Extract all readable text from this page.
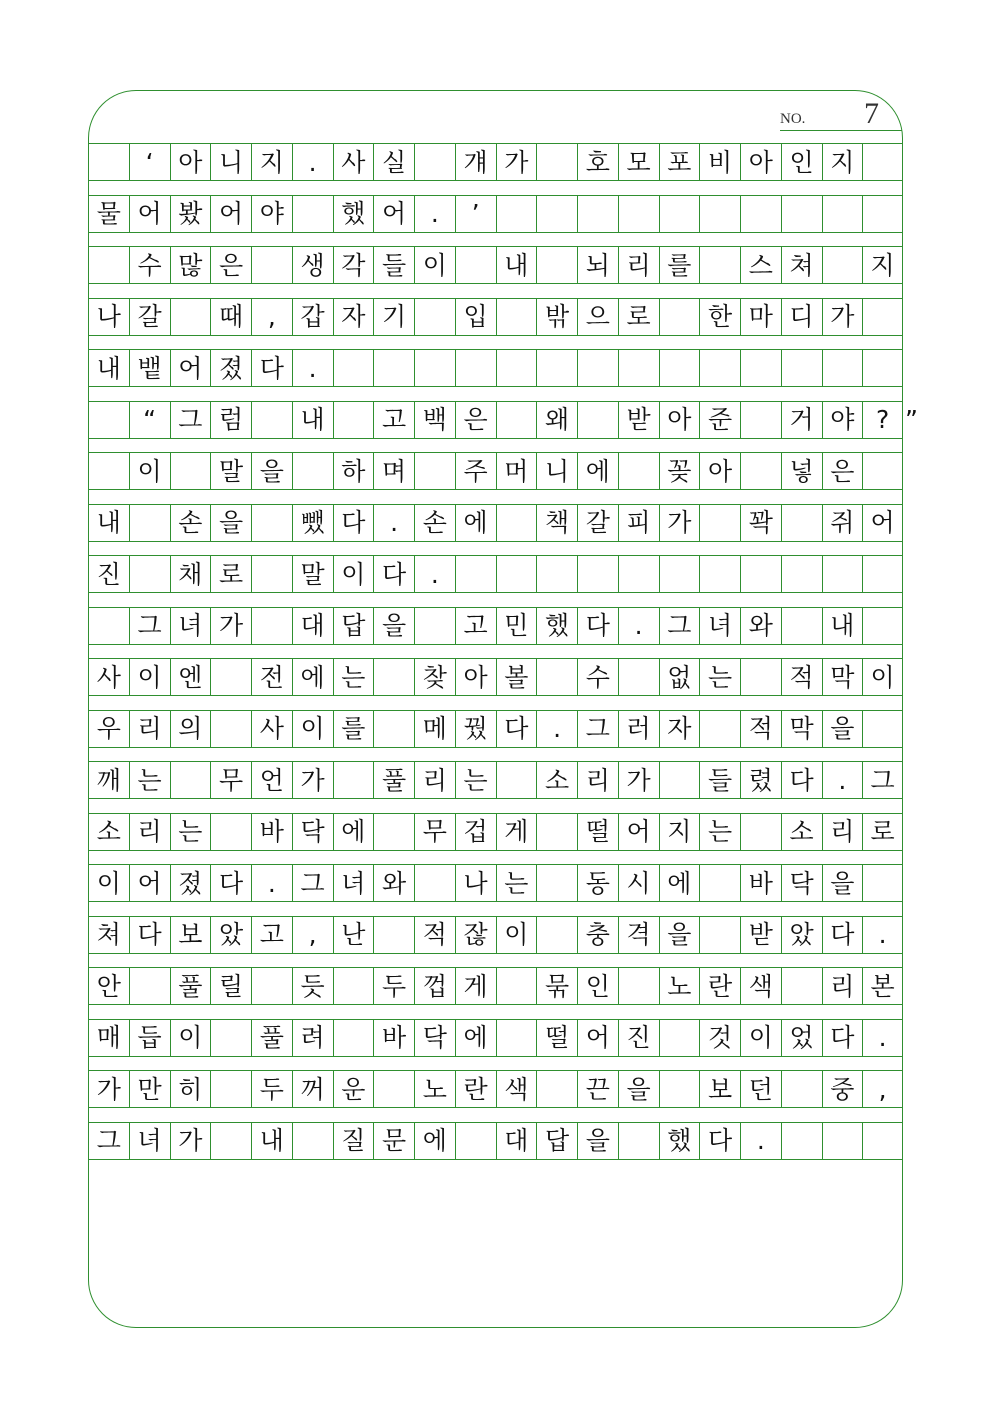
NO. 7
‘ 아 니 지 . 사 실	걔 가	호 모 포 비 아 인 지
물 어 봤 어 야	했 어 .	’
수 많 은	생 각 들 이	내	뇌 리 를	스 쳐	지
나 갈	때 , 갑 자 기	입	밖 으 로	한 마 디 가
내 뱉 어 졌 다 .
“ 그 럼	내	고 백 은	왜	받 아 준	거 야 ? ”
이	말 을	하 며	주 머 니 에	꽂 아	넣 은
내	손 을	뺐 다 . 손 에	책 갈 피 가	꽉	쥐 어
진	채 로	말 이 다 .
그 녀 가	대 답 을	고 민 했 다 . 그 녀 와	내
사 이 엔	전 에 는	찾 아 볼	수	없 는	적 막 이
우 리 의	사 이 를	메 꿨 다 . 그 러 자	적 막 을
깨 는	무 언 가	풀 리 는	소 리 가	들 렸 다 . 그
소 리 는	바 닥 에	무 겁 게	떨 어 지 는	소 리 로
이 어 졌 다 . 그 녀 와	나 는	동 시 에	바 닥 을
쳐 다 보 았 고 , 난	적 잖 이	충 격 을	받 았 다 .
안	풀 릴	듯	두 껍 게	묶 인	노 란 색	리 본
매 듭 이	풀 려	바 닥 에	떨 어 진	것 이 었 다 .
가 만 히	두 꺼 운	노 란 색	끈 을	보 던	중 ,
그 녀 가	내	질 문 에	대 답 을	했 다 .
